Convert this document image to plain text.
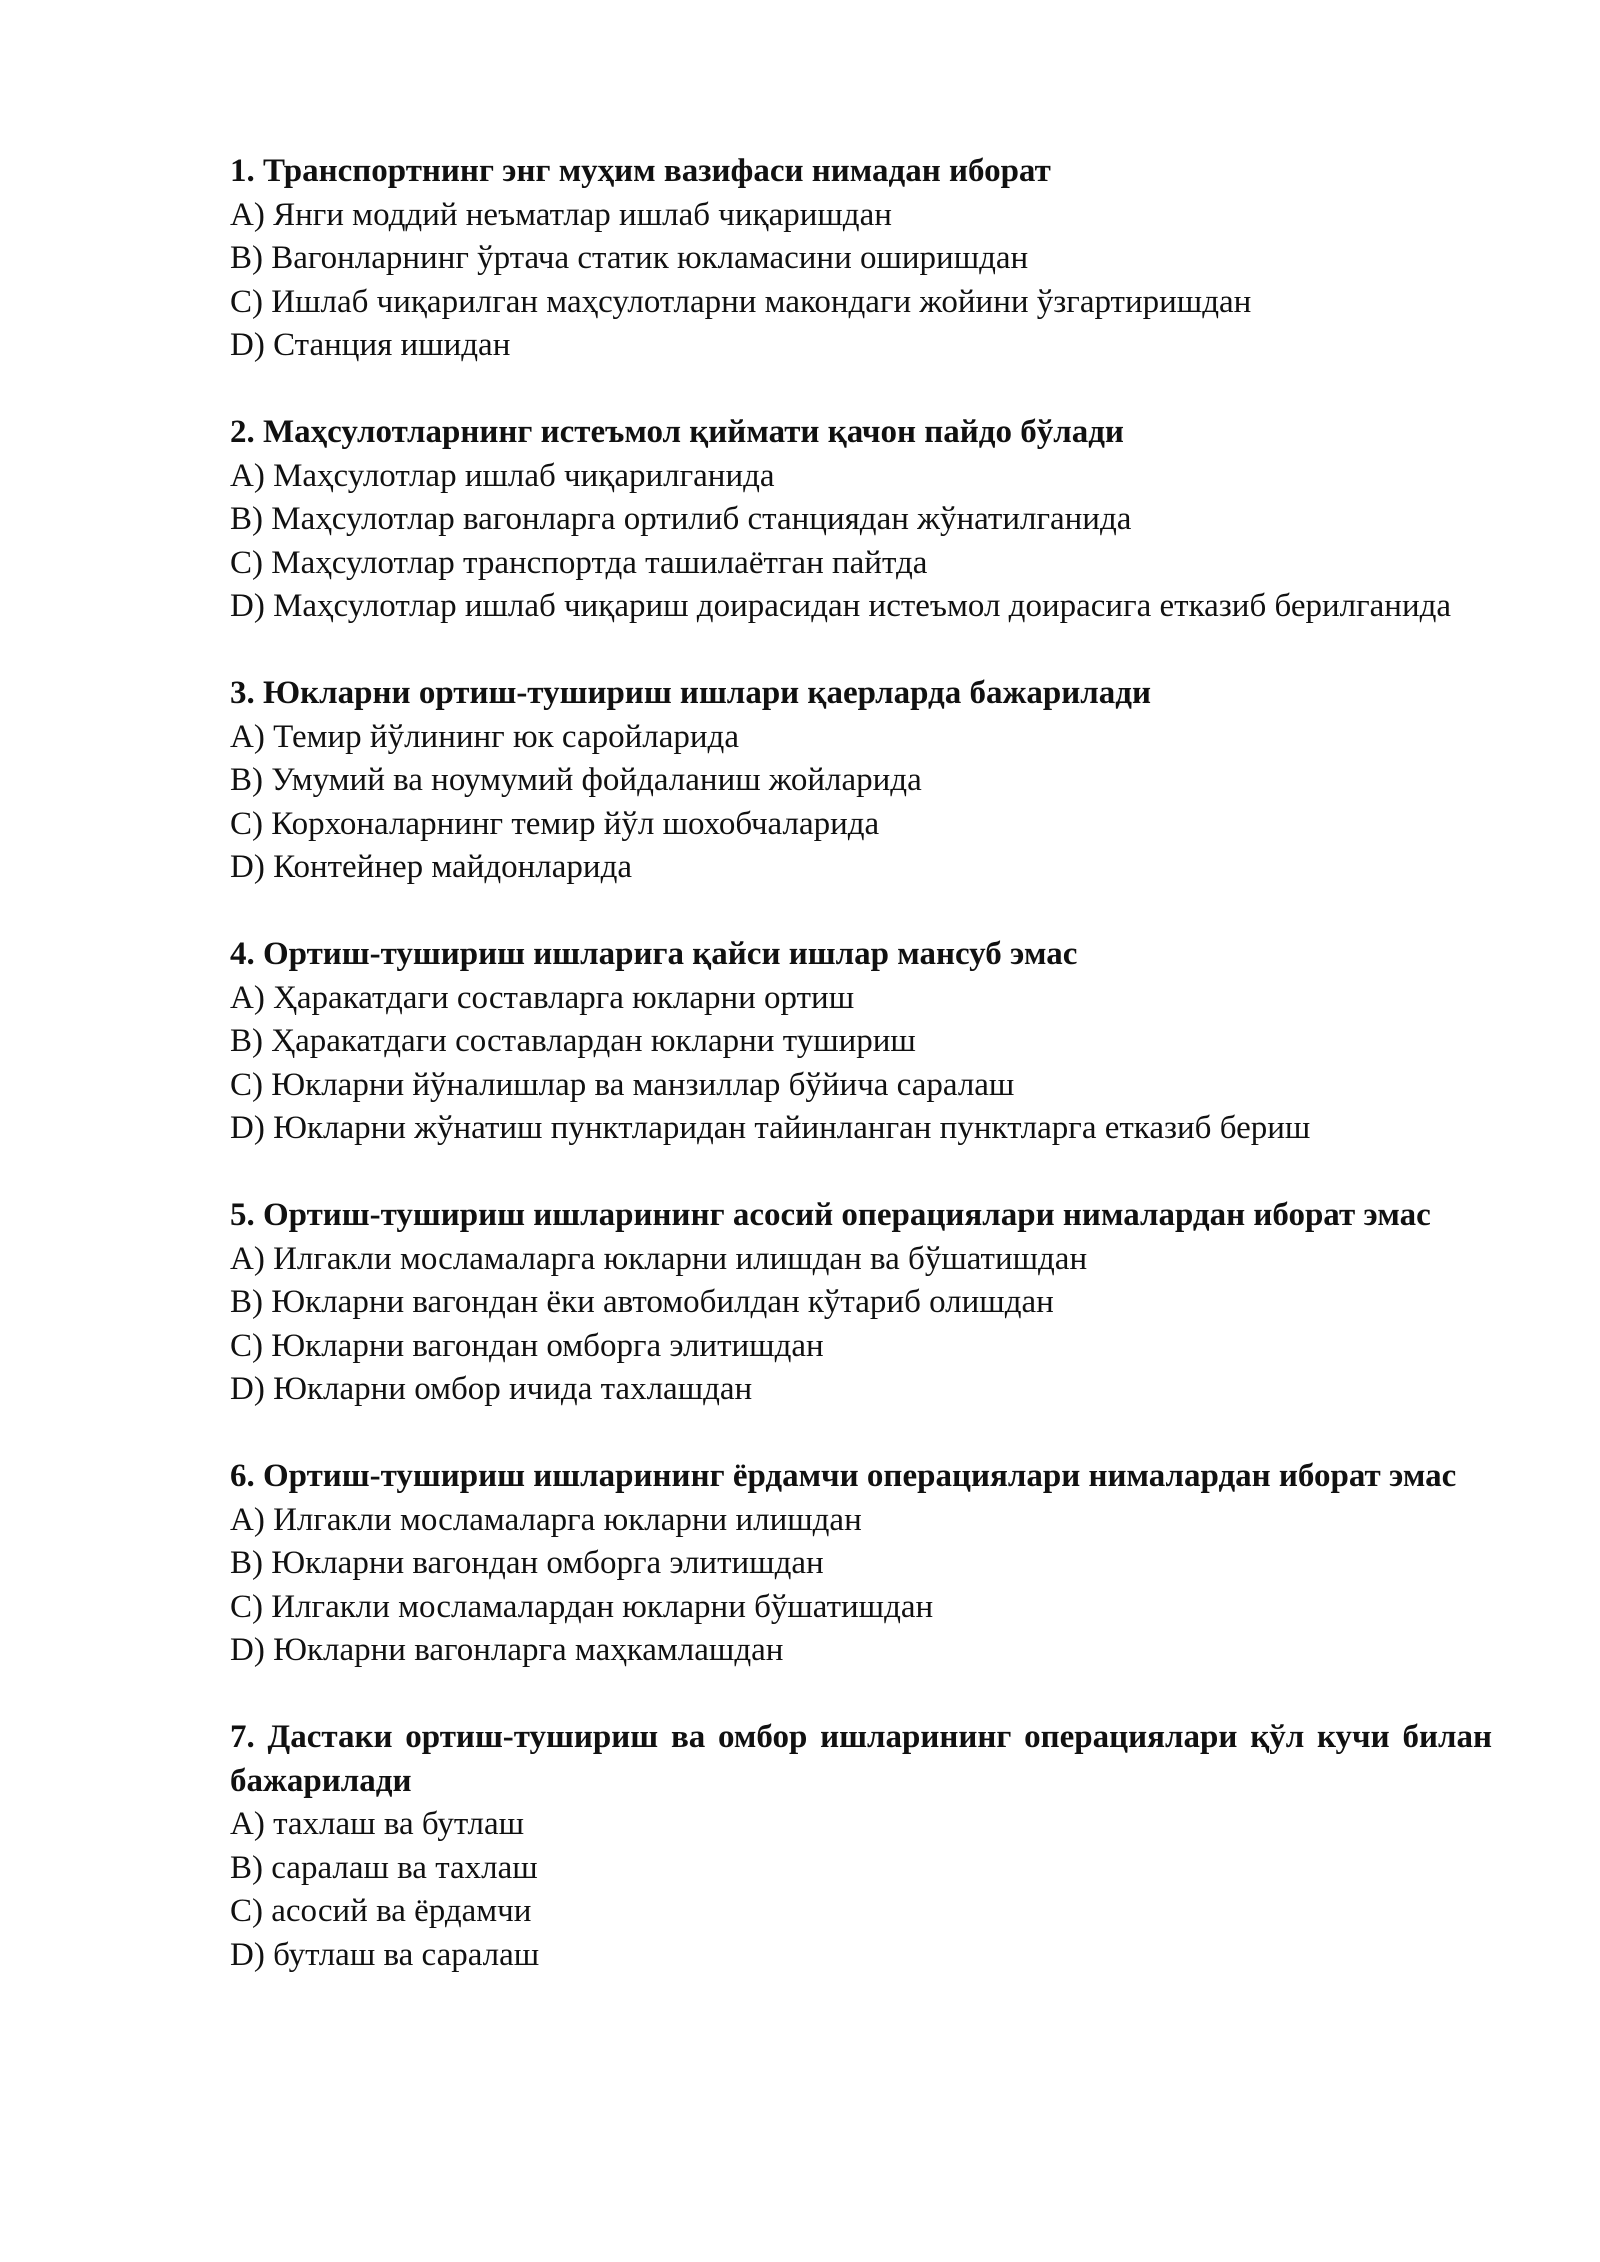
1. Транспортнинг энг муҳим вазифаси нимадан иборат
A) Янги моддий неъматлар ишлаб чиқаришдан
B) Вагонларнинг ўртача статик юкламасини оширишдан
C) Ишлаб чиқарилган маҳсулотларни макондаги жойини ўзгартиришдан
D) Станция ишидан
2. Маҳсулотларнинг истеъмол қиймати қачон пайдо бўлади
A) Маҳсулотлар ишлаб чиқарилганида
B) Маҳсулотлар вагонларга ортилиб станциядан жўнатилганида
C) Маҳсулотлар транспортда ташилаётган пайтда
D) Маҳсулотлар ишлаб чиқариш доирасидан истеъмол доирасига етказиб берилганида
3. Юкларни ортиш-тушириш ишлари қаерларда бажарилади
A) Темир йўлининг юк саройларида
B) Умумий ва ноумумий фойдаланиш жойларида
C) Корхоналарнинг темир йўл шохобчаларида
D) Контейнер майдонларида
4. Ортиш-тушириш ишларига қайси ишлар мансуб эмас
A) Ҳаракатдаги составларга юкларни ортиш
B) Ҳаракатдаги составлардан юкларни тушириш
C) Юкларни йўналишлар ва манзиллар бўйича саралаш
D) Юкларни жўнатиш пунктларидан тайинланган пунктларга етказиб бериш
5. Ортиш-тушириш ишларининг асосий операциялари нималардан иборат эмас
A) Илгакли мосламаларга юкларни илишдан ва бўшатишдан
B) Юкларни вагондан ёки автомобилдан кўтариб олишдан
C) Юкларни вагондан омборга элитишдан
D) Юкларни омбор ичида тахлашдан
6. Ортиш-тушириш ишларининг ёрдамчи операциялари нималардан иборат эмас
A) Илгакли мосламаларга юкларни илишдан
B) Юкларни вагондан омборга элитишдан
C) Илгакли мосламалардан юкларни бўшатишдан
D) Юкларни вагонларга маҳкамлашдан
7. Дастаки ортиш-тушириш ва омбор ишларининг операциялари қўл кучи билан бажарилади
A) тахлаш ва бутлаш
B) саралаш ва тахлаш
C) асосий ва ёрдамчи
D) бутлаш ва саралаш
